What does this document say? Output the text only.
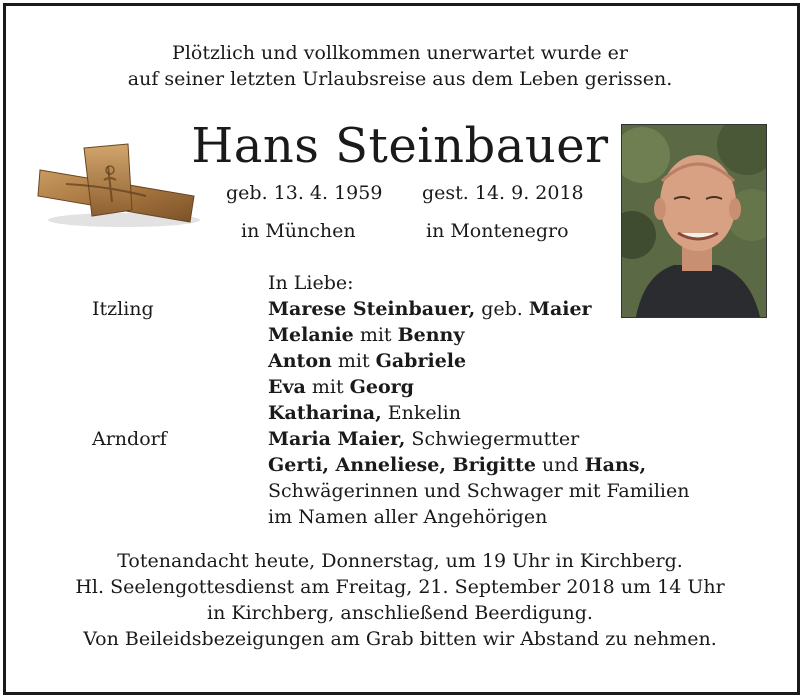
Plötzlich und vollkommen unerwartet wurde er
auf seiner letzten Urlaubsreise aus dem Leben gerissen.
Hans Steinbauer
geb. 13. 4. 1959 gest. 14. 9. 2018
in München	in Montenegro
In Liebe:
Itzling	Marese Steinbauer, geb. Maier
Melanie mit Benny
Anton mit Gabriele
Eva mit Georg
Katharina, Enkelin
Arndorf	Maria Maier, Schwiegermutter
Gerti, Anneliese, Brigitte und Hans,
Schwägerinnen und Schwager mit Familien
im Namen aller Angehörigen
Totenandacht heute, Donnerstag, um 19 Uhr in Kirchberg.
Hl. Seelengottesdienst am Freitag, 21. September 2018 um 14 Uhr
in Kirchberg, anschließend Beerdigung.
Von Beileidsbezeigungen am Grab bitten wir Abstand zu nehmen.
